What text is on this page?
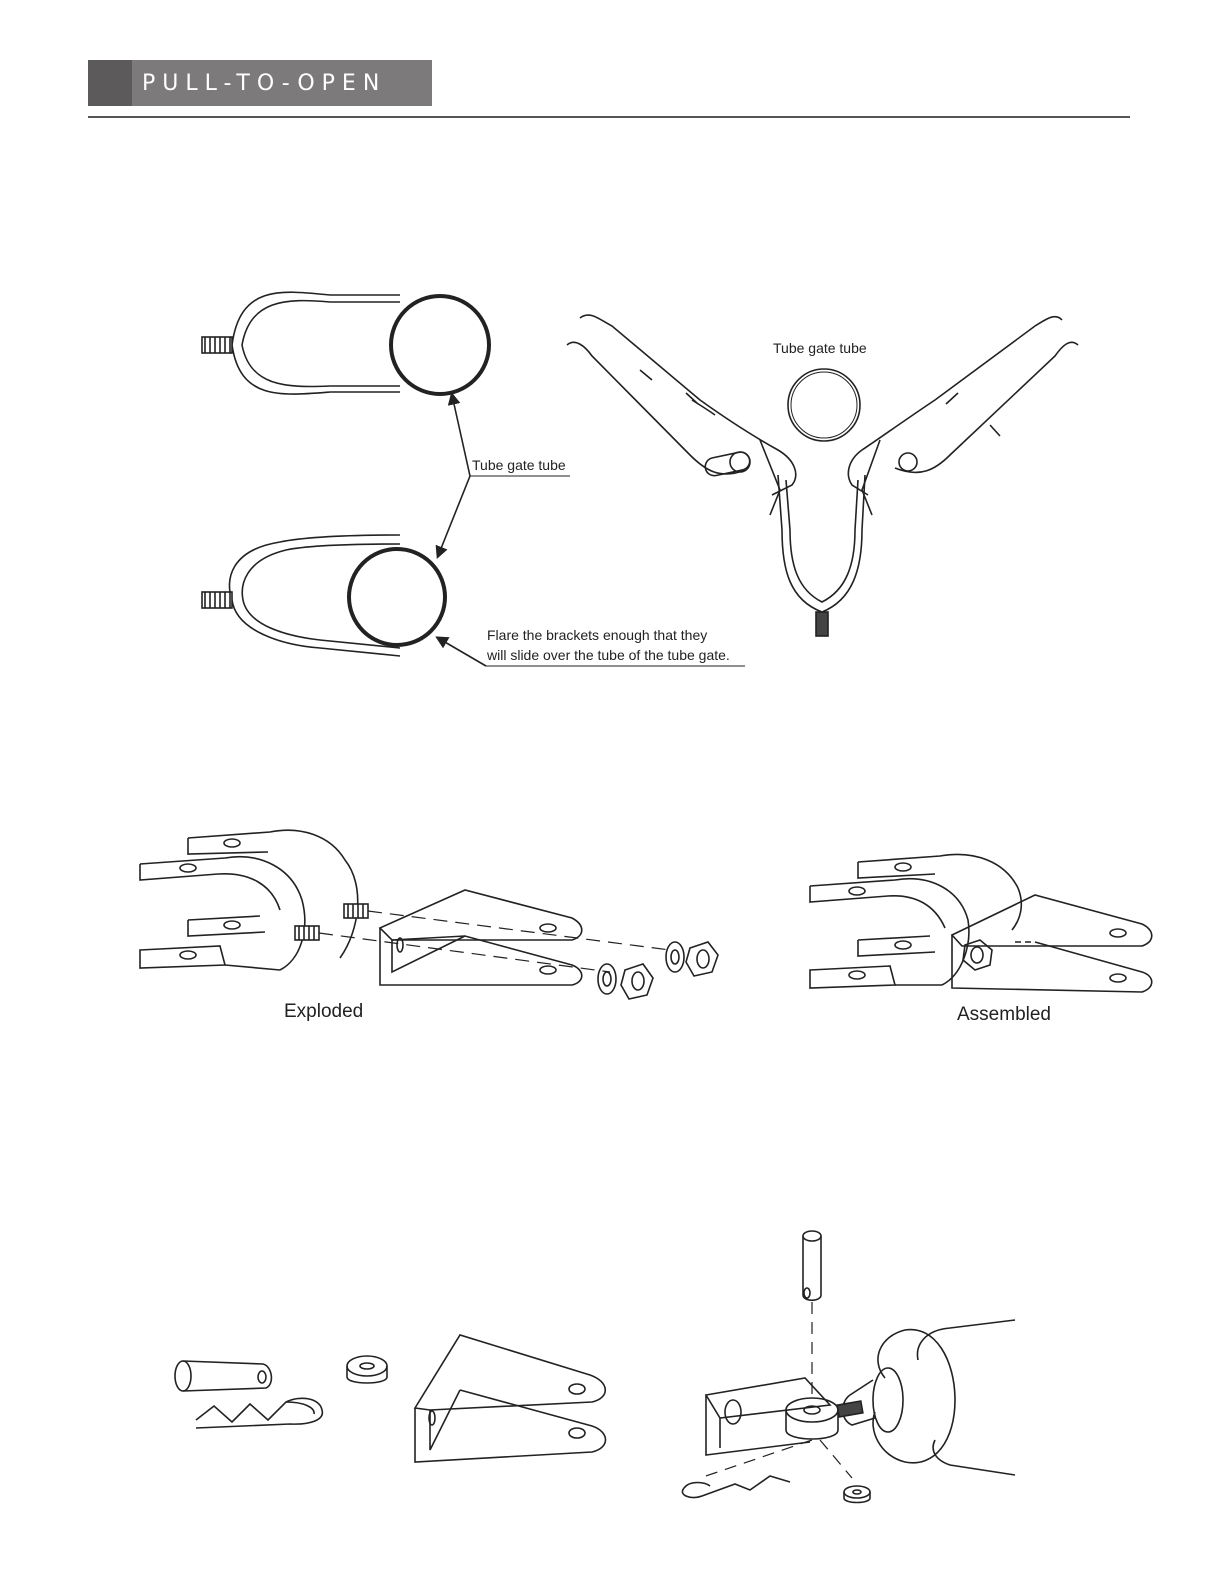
PULL-TO-OPEN
Tube gate tube
Tube gate tube
Flare the brackets enough that they
will slide over the tube of the tube gate.
Exploded	Assembled
